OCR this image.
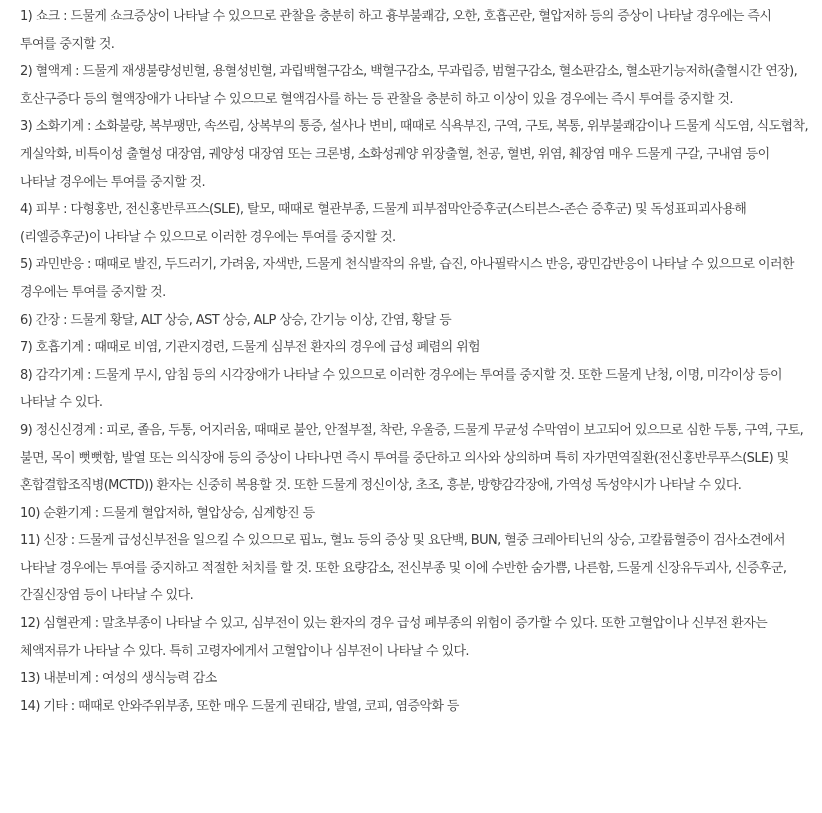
1) 쇼크 : 드물게 쇼크증상이 나타날 수 있으므로 관찰을 충분히 하고 흉부불쾌감, 오한, 호흡곤란, 혈압저하 등의 증상이 나타날 경우에는 즉시 투여를 중지할 것.

2) 혈액계 : 드물게 재생불량성빈혈, 용혈성빈혈, 과립백혈구감소, 백혈구감소, 무과립증, 범혈구감소, 혈소판감소, 혈소판기능저하(출혈시간 연장), 호산구증다 등의 혈액장애가 나타날 수 있으므로 혈액검사를 하는 등 관찰을 충분히 하고 이상이 있을 경우에는 즉시 투여를 중지할 것.

3) 소화기계 : 소화불량, 복부팽만, 속쓰림, 상복부의 통증, 설사나 변비, 때때로 식욕부진, 구역, 구토, 복통, 위부불쾌감이나 드물게 식도염, 식도협착, 게실악화, 비특이성 출혈성 대장염, 궤양성 대장염 또는 크론병, 소화성궤양 위장출혈, 천공, 혈변, 위염, 췌장염 매우 드물게 구갈, 구내염 등이 나타날 경우에는 투여를 중지할 것.

4) 피부 : 다형홍반, 전신홍반루프스(SLE), 탈모, 때때로 혈관부종, 드물게 피부점막안증후군(스티븐스-존슨 증후군) 및 독성표피괴사용해(리엘증후군)이 나타날 수 있으므로 이러한 경우에는 투여를 중지할 것.

5) 과민반응 : 때때로 발진, 두드러기, 가려움, 자색반, 드물게 천식발작의 유발, 습진, 아나필락시스 반응, 광민감반응이 나타날 수 있으므로 이러한 경우에는 투여를 중지할 것.

6) 간장 : 드물게 황달, ALT 상승, AST 상승, ALP 상승, 간기능 이상, 간염, 황달 등

7) 호흡기계 : 때때로 비염, 기관지경련, 드물게 심부전 환자의 경우에 급성 폐렴의 위험

8) 감각기계 : 드물게 무시, 암침 등의 시각장애가 나타날 수 있으므로 이러한 경우에는 투여를 중지할 것. 또한 드물게 난청, 이명, 미각이상 등이 나타날 수 있다.

9) 정신신경계 : 피로, 졸음, 두통, 어지러움, 때때로 불안, 안절부절, 착란, 우울증, 드물게 무균성 수막염이 보고되어 있으므로 심한 두통, 구역, 구토, 불면, 목이 뻣뻣함, 발열 또는 의식장애 등의 증상이 나타나면 즉시 투여를 중단하고 의사와 상의하며 특히 자가면역질환(전신홍반루푸스(SLE) 및 혼합결합조직병(MCTD)) 환자는 신중히 복용할 것. 또한 드물게 정신이상, 초조, 흥분, 방향감각장애, 가역성 독성약시가 나타날 수 있다.

10) 순환기계 : 드물게 혈압저하, 혈압상승, 심계항진 등

11) 신장 : 드물게 급성신부전을 일으킬 수 있으므로 핍뇨, 혈뇨 등의 증상 및 요단백, BUN, 혈중 크레아티닌의 상승, 고칼륨혈증이 검사소견에서 나타날 경우에는 투여를 중지하고 적절한 처치를 할 것. 또한 요량감소, 전신부종 및 이에 수반한 숨가쁨, 나른함, 드물게 신장유두괴사, 신증후군, 간질신장염 등이 나타날 수 있다.

12) 심혈관계 : 말초부종이 나타날 수 있고, 심부전이 있는 환자의 경우 급성 폐부종의 위험이 증가할 수 있다. 또한 고혈압이나 신부전 환자는 체액저류가 나타날 수 있다. 특히 고령자에게서 고혈압이나 심부전이 나타날 수 있다.

13) 내분비계 : 여성의 생식능력 감소

14) 기타 : 때때로 안와주위부종, 또한 매우 드물게 권태감, 발열, 코피, 염증악화 등
